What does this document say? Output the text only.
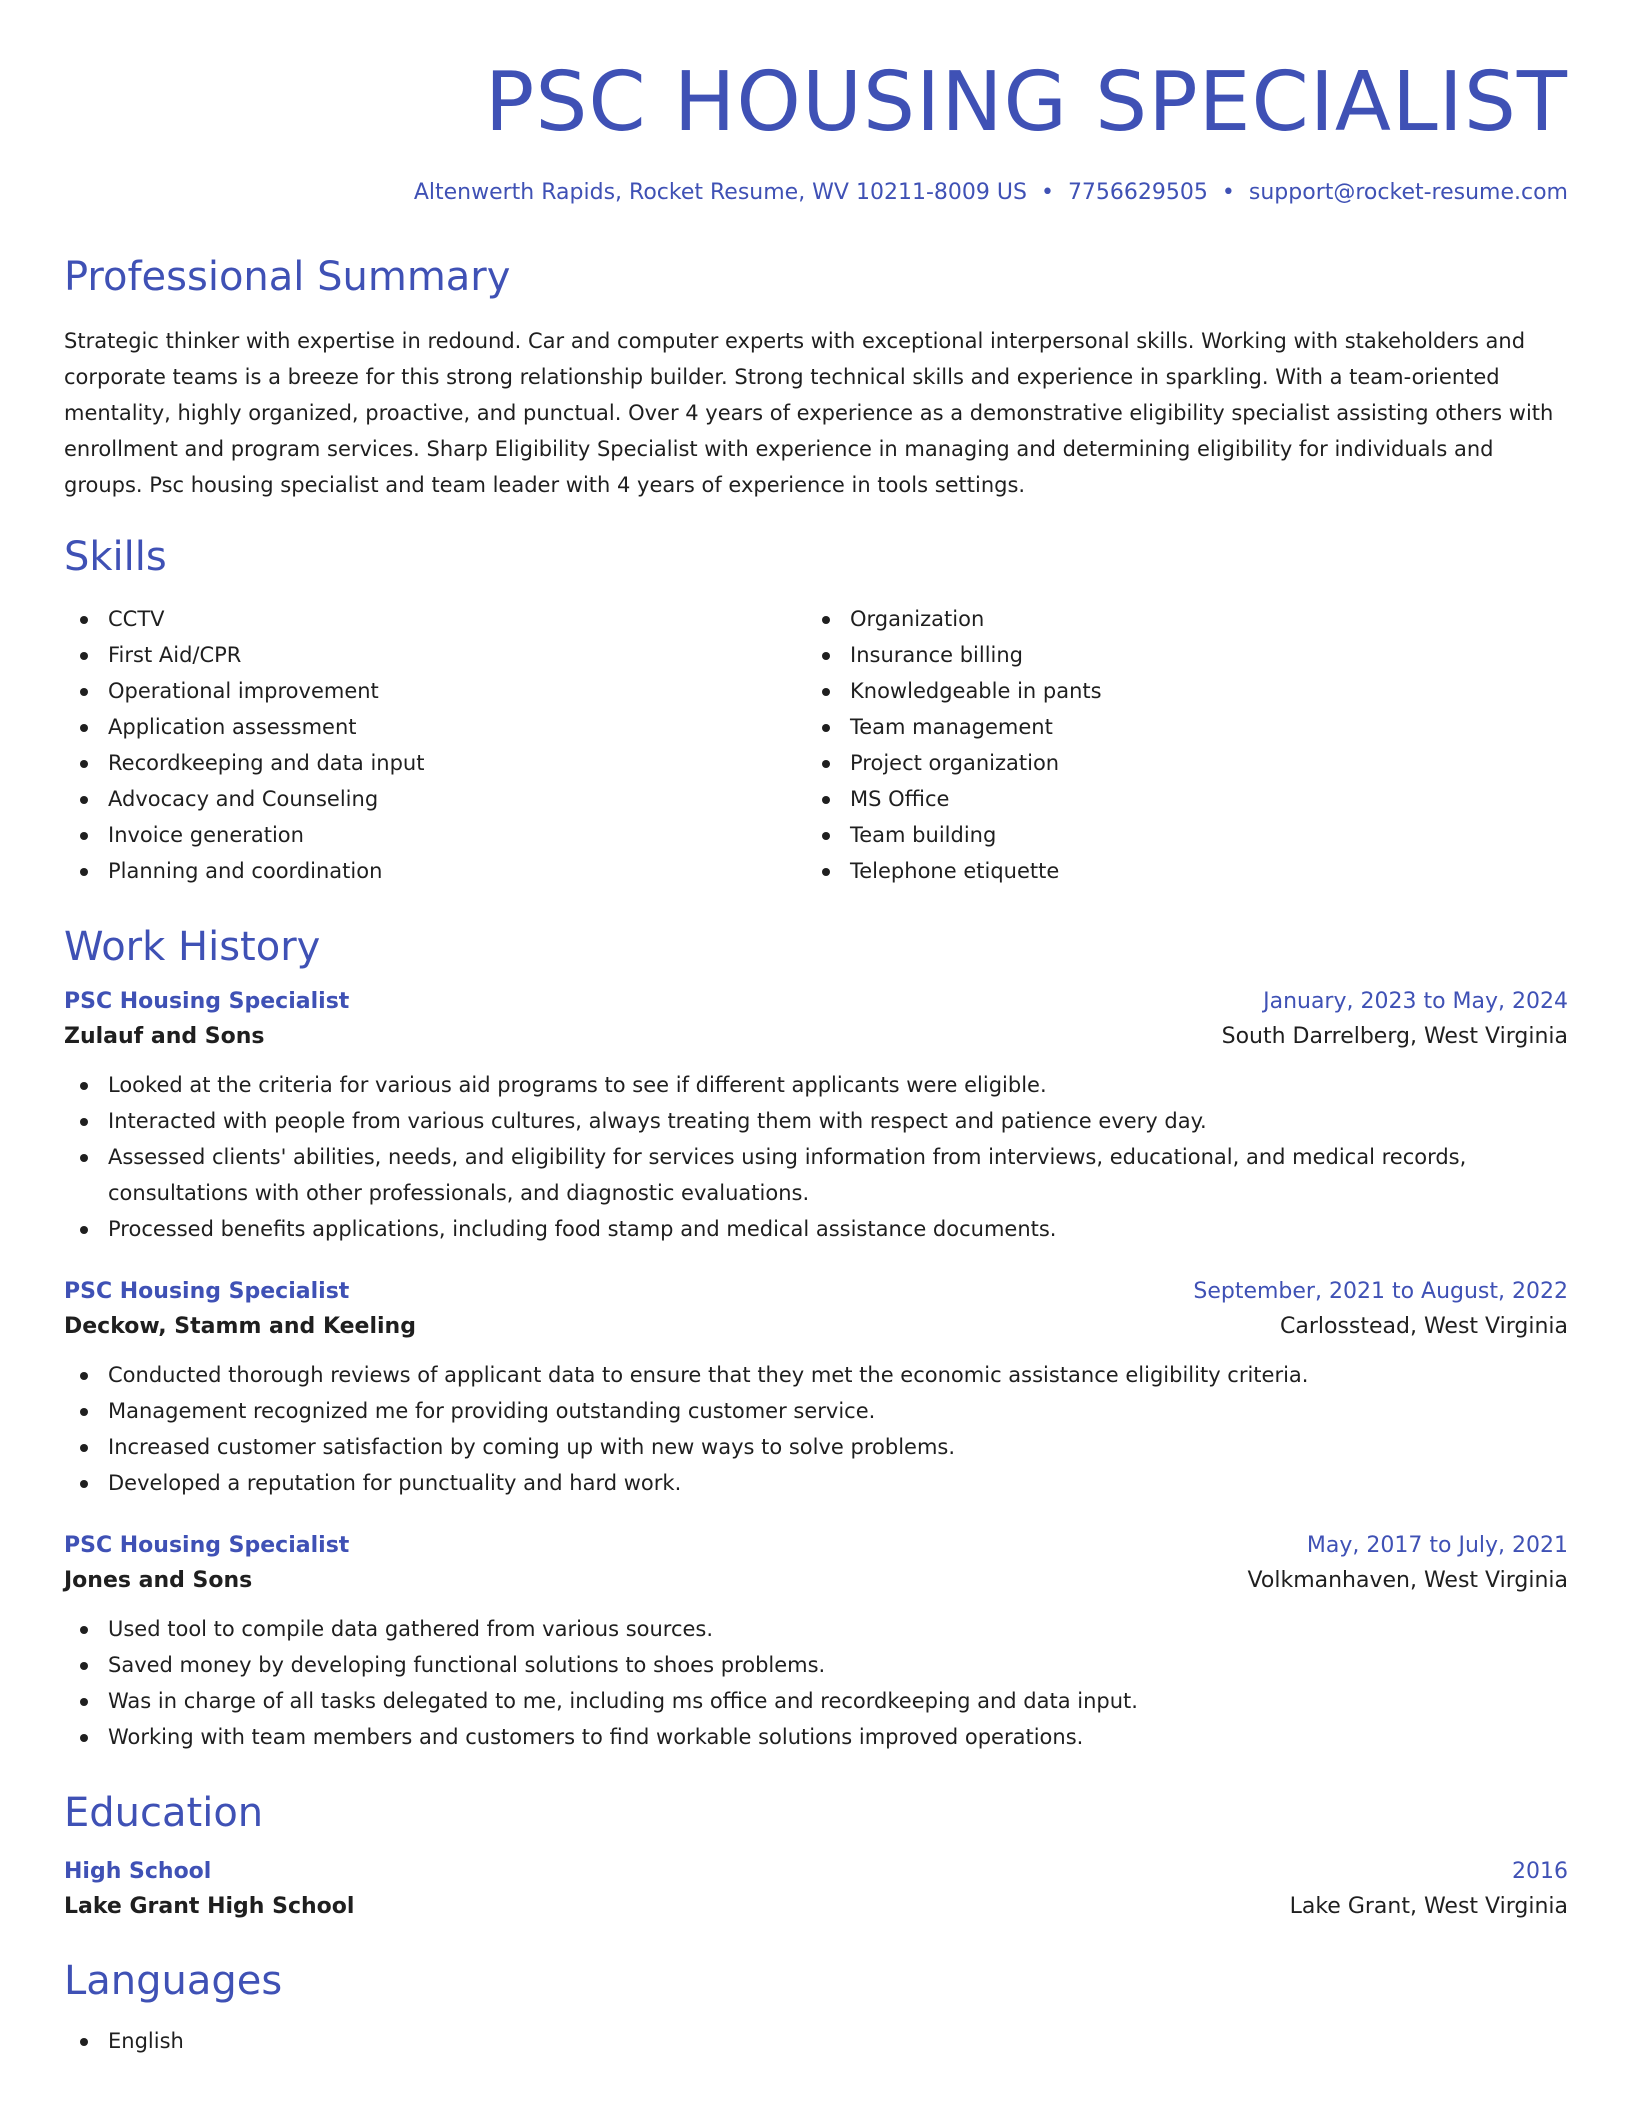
PSC HOUSING SPECIALIST
Altenwerth Rapids, Rocket Resume, WV 10211-8009 US • 7756629505 • support@rocket-resume.com
Professional Summary

Strategic thinker with expertise in redound. Car and computer experts with exceptional interpersonal skills. Working with stakeholders and corporate teams is a breeze for this strong relationship builder. Strong technical skills and experience in sparkling. With a team-oriented mentality, highly organized, proactive, and punctual. Over 4 years of experience as a demonstrative eligibility specialist assisting others with enrollment and program services. Sharp Eligibility Specialist with experience in managing and determining eligibility for individuals and groups. Psc housing specialist and team leader with 4 years of experience in tools settings.

Skills
CCTV
First Aid/CPR
Operational improvement
Application assessment
Recordkeeping and data input
Advocacy and Counseling
Invoice generation
Planning and coordination
Organization
Insurance billing
Knowledgeable in pants
Team management
Project organization
MS Office
Team building
Telephone etiquette
Work History
PSC Housing Specialist	January, 2023 to May, 2024
Zulauf and Sons	South Darrelberg, West Virginia
Looked at the criteria for various aid programs to see if different applicants were eligible.
Interacted with people from various cultures, always treating them with respect and patience every day.
Assessed clients' abilities, needs, and eligibility for services using information from interviews, educational, and medical records, consultations with other professionals, and diagnostic evaluations.
Processed benefits applications, including food stamp and medical assistance documents.
PSC Housing Specialist	September, 2021 to August, 2022
Deckow, Stamm and Keeling	Carlosstead, West Virginia
Conducted thorough reviews of applicant data to ensure that they met the economic assistance eligibility criteria.
Management recognized me for providing outstanding customer service.
Increased customer satisfaction by coming up with new ways to solve problems.
Developed a reputation for punctuality and hard work.
PSC Housing Specialist	May, 2017 to July, 2021
Jones and Sons	Volkmanhaven, West Virginia
Used tool to compile data gathered from various sources.
Saved money by developing functional solutions to shoes problems.
Was in charge of all tasks delegated to me, including ms office and recordkeeping and data input.
Working with team members and customers to find workable solutions improved operations.
Education
High School	2016
Lake Grant High School	Lake Grant, West Virginia
Languages
English
